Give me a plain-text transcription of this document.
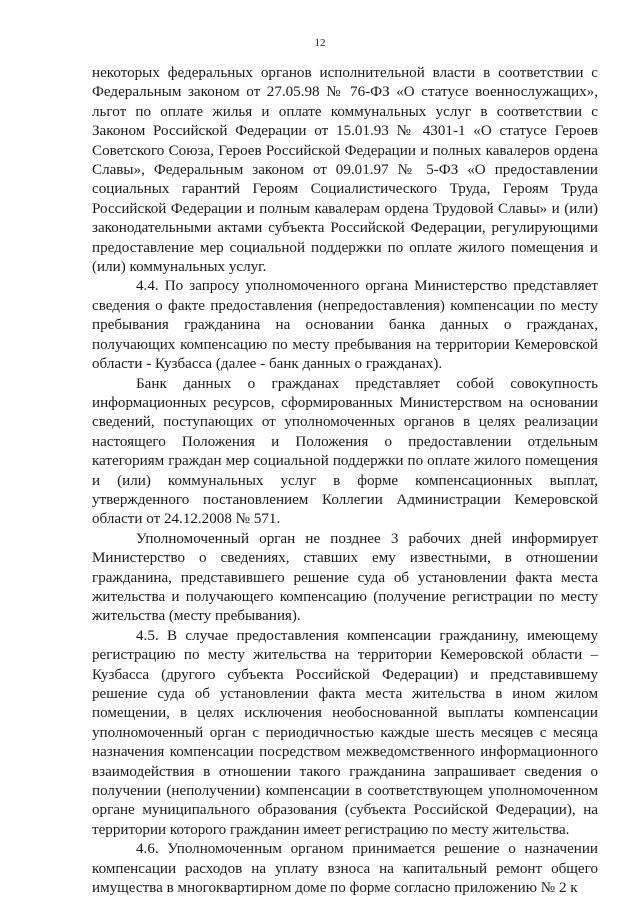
12

некоторых федеральных органов исполнительной власти в соответствии с Федеральным законом от 27.05.98 № 76-ФЗ «О статусе военнослужащих», льгот по оплате жилья и оплате коммунальных услуг в соответствии с Законом Российской Федерации от 15.01.93 № 4301-1 «О статусе Героев Советского Союза, Героев Российской Федерации и полных кавалеров ордена Славы», Федеральным законом от 09.01.97 № 5-ФЗ «О предоставлении социальных гарантий Героям Социалистического Труда, Героям Труда Российской Федерации и полным кавалерам ордена Трудовой Славы» и (или) законодательными актами субъекта Российской Федерации, регулирующими предоставление мер социальной поддержки по оплате жилого помещения и (или) коммунальных услуг.

4.4. По запросу уполномоченного органа Министерство представляет сведения о факте предоставления (непредоставления) компенсации по месту пребывания гражданина на основании банка данных о гражданах, получающих компенсацию по месту пребывания на территории Кемеровской области - Кузбасса (далее - банк данных о гражданах).

Банк данных о гражданах представляет собой совокупность информационных ресурсов, сформированных Министерством на основании сведений, поступающих от уполномоченных органов в целях реализации настоящего Положения и Положения о предоставлении отдельным категориям граждан мер социальной поддержки по оплате жилого помещения и (или) коммунальных услуг в форме компенсационных выплат, утвержденного постановлением Коллегии Администрации Кемеровской области от 24.12.2008 № 571.

Уполномоченный орган не позднее 3 рабочих дней информирует Министерство о сведениях, ставших ему известными, в отношении гражданина, представившего решение суда об установлении факта места жительства и получающего компенсацию (получение регистрации по месту жительства (месту пребывания).

4.5. В случае предоставления компенсации гражданину, имеющему регистрацию по месту жительства на территории Кемеровской области – Кузбасса (другого субъекта Российской Федерации) и представившему решение суда об установлении факта места жительства в ином жилом помещении, в целях исключения необоснованной выплаты компенсации уполномоченный орган с периодичностью каждые шесть месяцев с месяца назначения компенсации посредством межведомственного информационного взаимодействия в отношении такого гражданина запрашивает сведения о получении (неполучении) компенсации в соответствующем уполномоченном органе муниципального образования (субъекта Российской Федерации), на территории которого гражданин имеет регистрацию по месту жительства.

4.6. Уполномоченным органом принимается решение о назначении компенсации расходов на уплату взноса на капитальный ремонт общего имущества в многоквартирном доме по форме согласно приложению № 2 к
